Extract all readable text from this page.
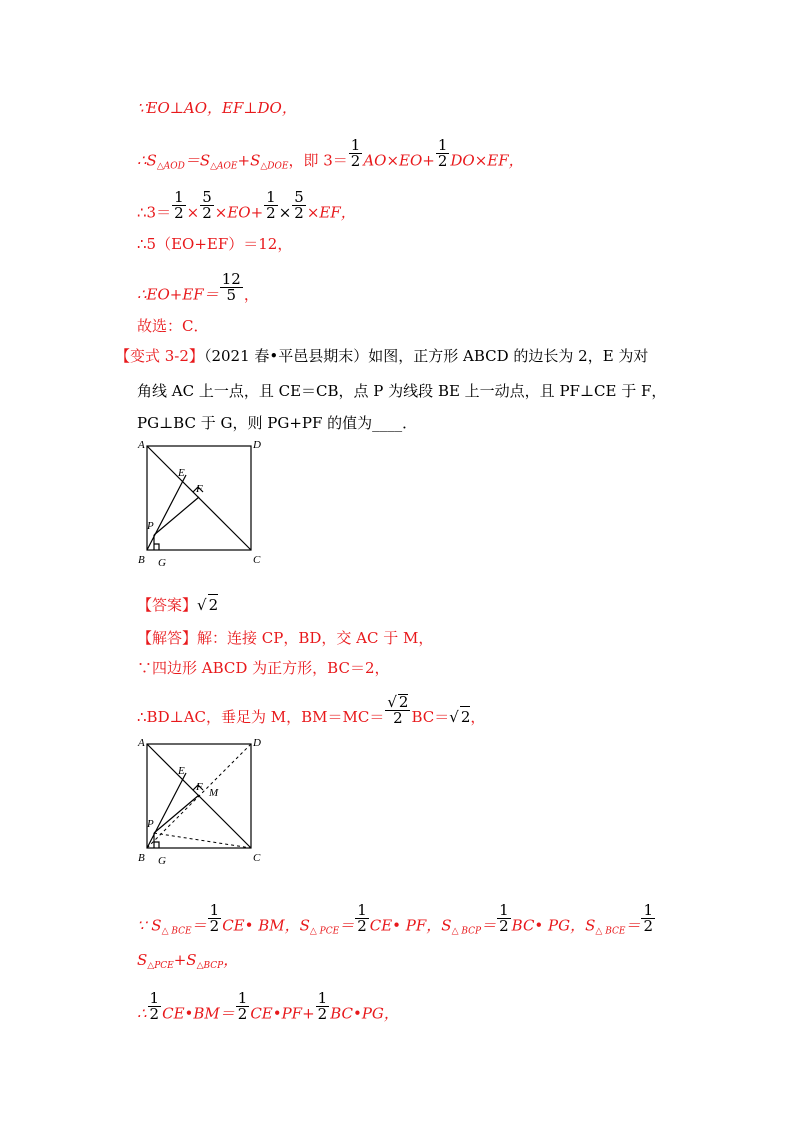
∵EO⊥AO，EF⊥DO，
$\therefore S_{\triangle AOD}=S_{\triangle AOE}+S_{\triangle DOE}$，即 $3= \frac{1}{2} AO\times EO+ \frac{1}{2} DO\times EF$，
∴3＝ $\frac{1}{2} \times \frac{5}{2} \times EO+ \frac{1}{2} \times \frac{5}{2} \times EF$，
∴5（EO+EF）＝12，
∴EO+EF＝ $\frac{12}{5}$ ，
故选：C．
【变式 3-2】（2021 春•平邑县期末）如图，正方形 ABCD 的边长为 2，E 为对
角线 AC 上一点，且 CE＝CB，点 P 为线段 BE 上一动点，且 PF⊥CE 于 F，
PG⊥BC 于 G，则 PG+PF 的值为____．
A	D
E
F
P
B G	C
【答案】√ 2
【解答】解：连接 CP，BD，交 AC 于 M，
∵四边形 ABCD 为正方形，BC＝2，
∴BD⊥AC，垂足为 M，$BM=MC= \frac{√ 2}{2} BC=√$ 2，
A	D
E
F M
P
B G	C
∵ $S_{\triangle BCE}= \frac{1}{2}$ CE• BM，$S_{\triangle PCE}= \frac{1}{2}$ CE• PF，$S_{\triangle BCP}= \frac{1}{2}$ BC• PG，$S_{\triangle BCE}= \frac{1}{2}$
$S_{\triangle PCE}+S_{\triangle BCP}$，
∴ $\frac{1}{2}$ CE•BM＝ $\frac{1}{2}$ CE•PF+ $\frac{1}{2}$ BC•PG，
